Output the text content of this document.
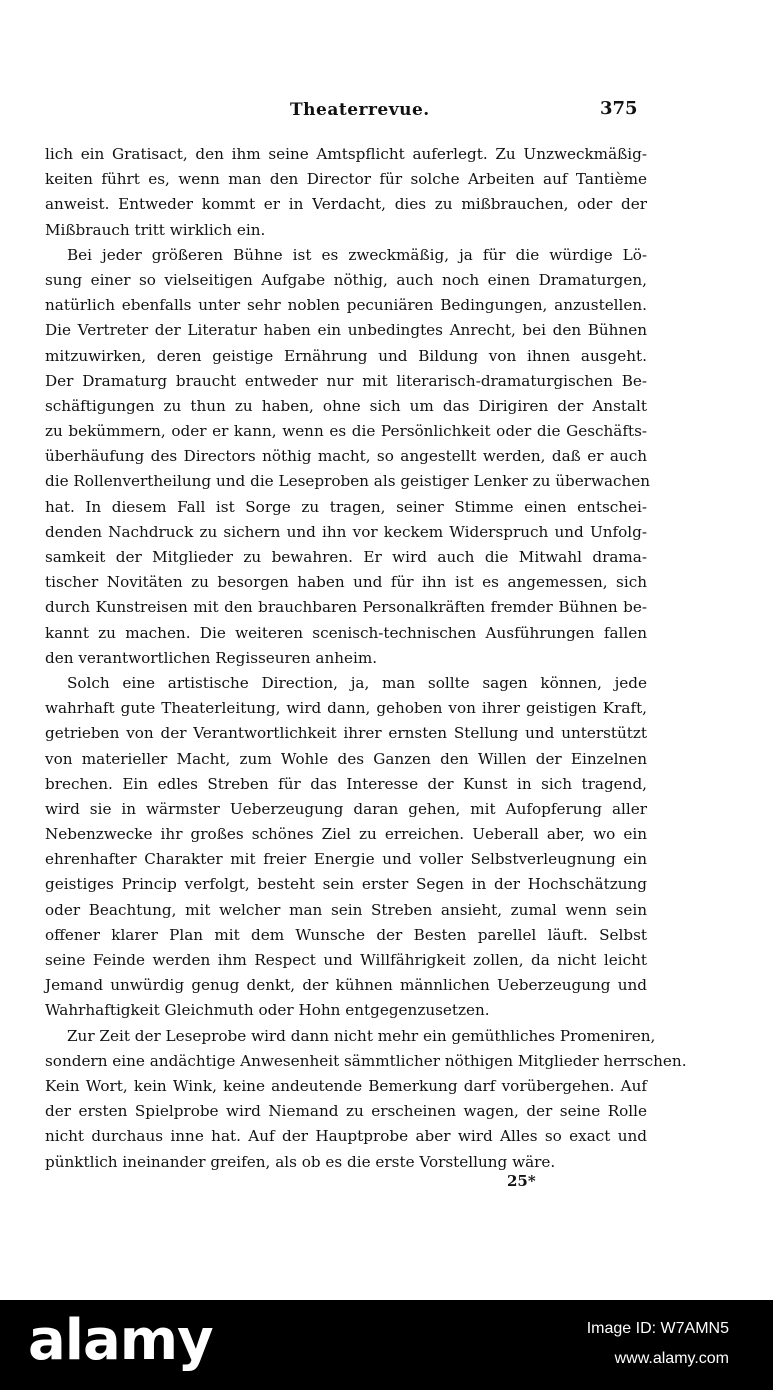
Theaterrevue.	375
lich ein Gratisact, den ihm seine Amtspflicht auferlegt. Zu Unzweckmäßig-
keiten führt es, wenn man den Director für solche Arbeiten auf Tantième
anweist. Entweder kommt er in Verdacht, dies zu mißbrauchen, oder der
Mißbrauch tritt wirklich ein.
Bei jeder größeren Bühne ist es zweckmäßig, ja für die würdige Lö-
sung einer so vielseitigen Aufgabe nöthig, auch noch einen Dramaturgen,
natürlich ebenfalls unter sehr noblen pecuniären Bedingungen, anzustellen.
Die Vertreter der Literatur haben ein unbedingtes Anrecht, bei den Bühnen
mitzuwirken, deren geistige Ernährung und Bildung von ihnen ausgeht.
Der Dramaturg braucht entweder nur mit literarisch-dramaturgischen Be-
schäftigungen zu thun zu haben, ohne sich um das Dirigiren der Anstalt
zu bekümmern, oder er kann, wenn es die Persönlichkeit oder die Geschäfts-
überhäufung des Directors nöthig macht, so angestellt werden, daß er auch
die Rollenvertheilung und die Leseproben als geistiger Lenker zu überwachen
hat. In diesem Fall ist Sorge zu tragen, seiner Stimme einen entschei-
denden Nachdruck zu sichern und ihn vor keckem Widerspruch und Unfolg-
samkeit der Mitglieder zu bewahren. Er wird auch die Mitwahl drama-
tischer Novitäten zu besorgen haben und für ihn ist es angemessen, sich
durch Kunstreisen mit den brauchbaren Personalkräften fremder Bühnen be-
kannt zu machen. Die weiteren scenisch-technischen Ausführungen fallen
den verantwortlichen Regisseuren anheim.
Solch eine artistische Direction, ja, man sollte sagen können, jede
wahrhaft gute Theaterleitung, wird dann, gehoben von ihrer geistigen Kraft,
getrieben von der Verantwortlichkeit ihrer ernsten Stellung und unterstützt
von materieller Macht, zum Wohle des Ganzen den Willen der Einzelnen
brechen. Ein edles Streben für das Interesse der Kunst in sich tragend,
wird sie in wärmster Ueberzeugung daran gehen, mit Aufopferung aller
Nebenzwecke ihr großes schönes Ziel zu erreichen. Ueberall aber, wo ein
ehrenhafter Charakter mit freier Energie und voller Selbstverleugnung ein
geistiges Princip verfolgt, besteht sein erster Segen in der Hochschätzung
oder Beachtung, mit welcher man sein Streben ansieht, zumal wenn sein
offener klarer Plan mit dem Wunsche der Besten parellel läuft. Selbst
seine Feinde werden ihm Respect und Willfährigkeit zollen, da nicht leicht
Jemand unwürdig genug denkt, der kühnen männlichen Ueberzeugung und
Wahrhaftigkeit Gleichmuth oder Hohn entgegenzusetzen.
Zur Zeit der Leseprobe wird dann nicht mehr ein gemüthliches Promeniren,
sondern eine andächtige Anwesenheit sämmtlicher nöthigen Mitglieder herrschen.
Kein Wort, kein Wink, keine andeutende Bemerkung darf vorübergehen. Auf
der ersten Spielprobe wird Niemand zu erscheinen wagen, der seine Rolle
nicht durchaus inne hat. Auf der Hauptprobe aber wird Alles so exact und
pünktlich ineinander greifen, als ob es die erste Vorstellung wäre.
25*
alamy	Image ID: W7AMN5
www.alamy.com
